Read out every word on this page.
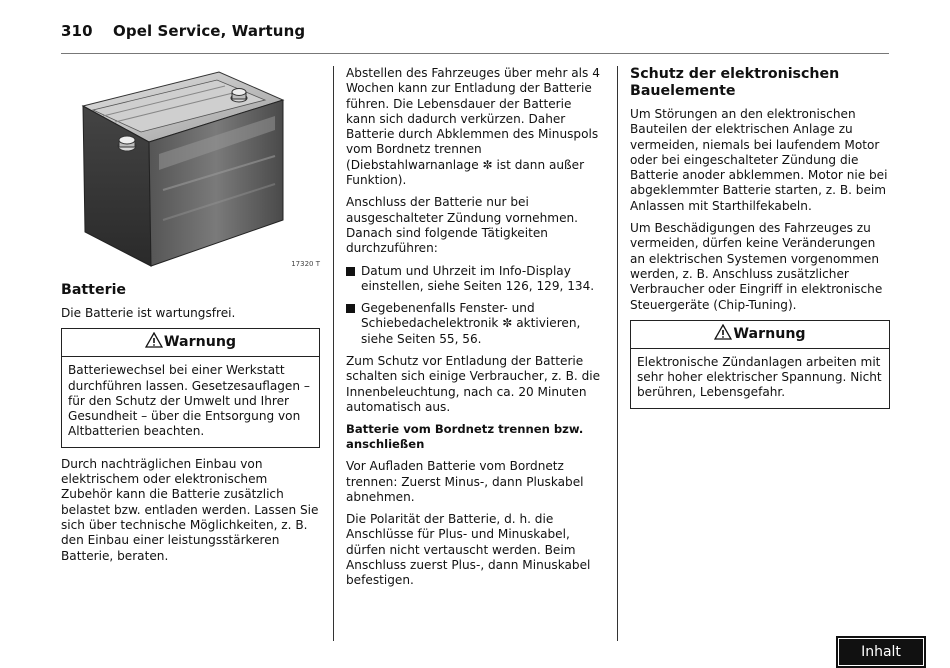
310 Opel Service, Wartung
17320 T

Batterie

Die Batterie ist wartungsfrei.

Warnung
Batteriewechsel bei einer Werkstatt durchführen lassen. Gesetzesauflagen – für den Schutz der Umwelt und Ihrer Gesundheit – über die Entsorgung von Altbatterien beachten.

Durch nachträglichen Einbau von elektrischem oder elektronischem Zubehör kann die Batterie zusätzlich belastet bzw. entladen werden. Lassen Sie sich über technische Möglichkeiten, z. B. den Einbau einer leistungsstärkeren Batterie, beraten.

Abstellen des Fahrzeuges über mehr als 4 Wochen kann zur Entladung der Batterie führen. Die Lebensdauer der Batterie kann sich dadurch verkürzen. Daher Batterie durch Abklemmen des Minuspols vom Bordnetz trennen (Diebstahlwarnanlage ✼ ist dann außer Funktion).

Anschluss der Batterie nur bei ausgeschalteter Zündung vornehmen. Danach sind folgende Tätigkeiten durchzuführen:

Datum und Uhrzeit im Info-Display einstellen, siehe Seiten 126, 129, 134.
Gegebenenfalls Fenster- und Schiebedachelektronik ✼ aktivieren, siehe Seiten 55, 56.

Zum Schutz vor Entladung der Batterie schalten sich einige Verbraucher, z. B. die Innenbeleuchtung, nach ca. 20 Minuten automatisch aus.

Batterie vom Bordnetz trennen bzw. anschließen

Vor Aufladen Batterie vom Bordnetz trennen: Zuerst Minus-, dann Pluskabel abnehmen.

Die Polarität der Batterie, d. h. die Anschlüsse für Plus- und Minuskabel, dürfen nicht vertauscht werden. Beim Anschluss zuerst Plus-, dann Minuskabel befestigen.

Schutz der elektronischen Bauelemente

Um Störungen an den elektronischen Bauteilen der elektrischen Anlage zu vermeiden, niemals bei laufendem Motor oder bei eingeschalteter Zündung die Batterie anoder abklemmen. Motor nie bei abgeklemmter Batterie starten, z. B. beim Anlassen mit Starthilfekabeln.

Um Beschädigungen des Fahrzeuges zu vermeiden, dürfen keine Veränderungen an elektrischen Systemen vorgenommen werden, z. B. Anschluss zusätzlicher Verbraucher oder Eingriff in elektronische Steuergeräte (Chip-Tuning).

Warnung
Elektronische Zündanlagen arbeiten mit sehr hoher elektrischer Spannung. Nicht berühren, Lebensgefahr.
Inhalt
